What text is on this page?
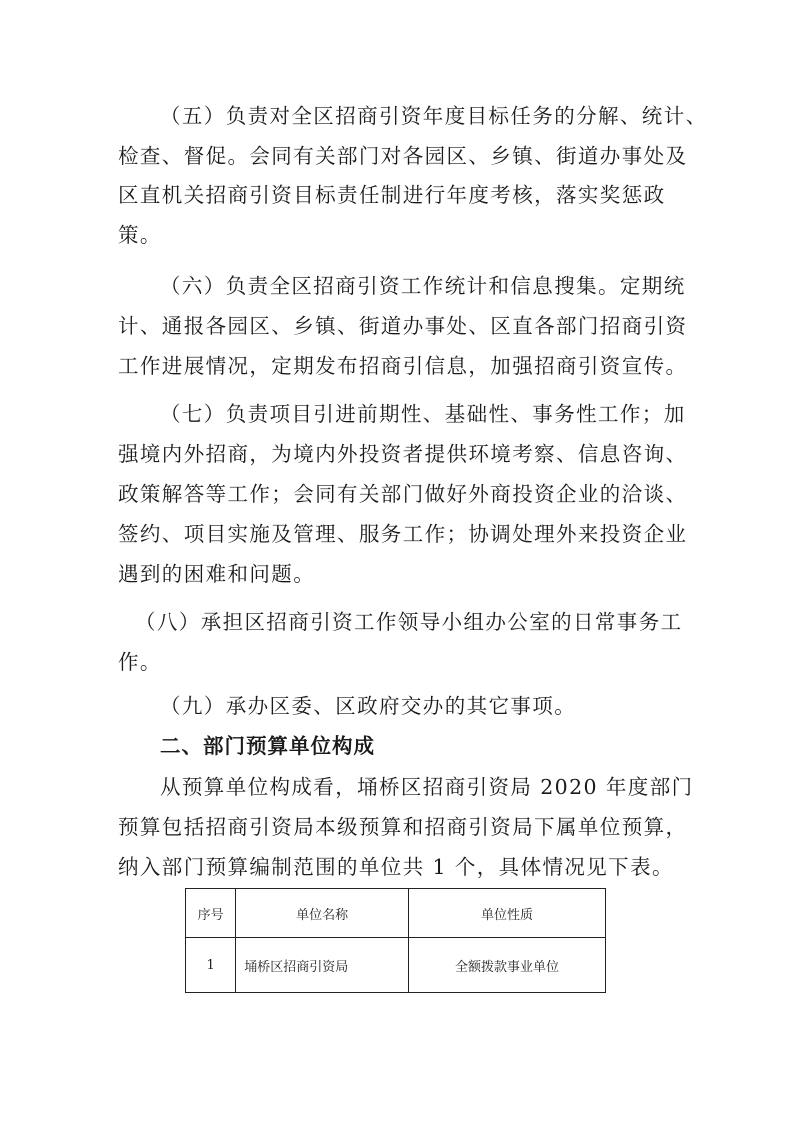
（五）负责对全区招商引资年度目标任务的分解、统计、
检查、督促。会同有关部门对各园区、乡镇、街道办事处及
区直机关招商引资目标责任制进行年度考核，落实奖惩政
策。
（六）负责全区招商引资工作统计和信息搜集。定期统
计、通报各园区、乡镇、街道办事处、区直各部门招商引资
工作进展情况，定期发布招商引信息，加强招商引资宣传。
（七）负责项目引进前期性、基础性、事务性工作；加
强境内外招商，为境内外投资者提供环境考察、信息咨询、
政策解答等工作；会同有关部门做好外商投资企业的洽谈、
签约、项目实施及管理、服务工作；协调处理外来投资企业
遇到的困难和问题。
（八）承担区招商引资工作领导小组办公室的日常事务工
作。
（九）承办区委、区政府交办的其它事项。
二、部门预算单位构成
从预算单位构成看，埇桥区招商引资局 2020 年度部门
预算包括招商引资局本级预算和招商引资局下属单位预算，
纳入部门预算编制范围的单位共 1 个，具体情况见下表。
序号	单位名称	单位性质
1	埇桥区招商引资局	全额拨款事业单位
